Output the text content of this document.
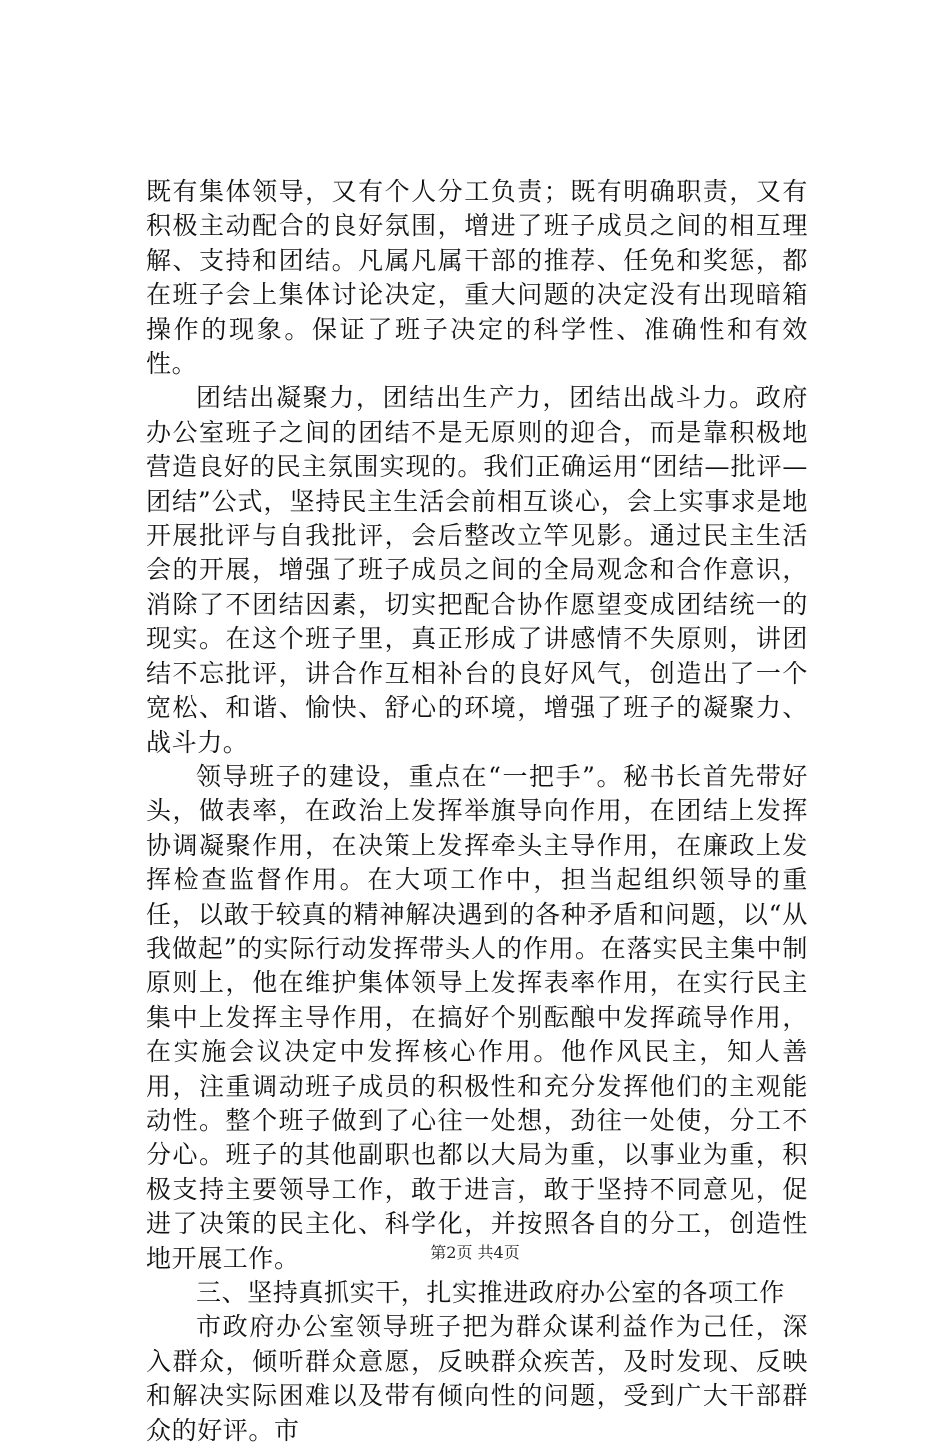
既有集体领导，又有个人分工负责；既有明确职责，又有积极主动配合的良好氛围，增进了班子成员之间的相互理解、支持和团结。凡属凡属干部的推荐、任免和奖惩，都在班子会上集体讨论决定，重大问题的决定没有出现暗箱操作的现象。保证了班子决定的科学性、准确性和有效性。

团结出凝聚力，团结出生产力，团结出战斗力。政府办公室班子之间的团结不是无原则的迎合，而是靠积极地营造良好的民主氛围实现的。我们正确运用“团结—批评—团结”公式，坚持民主生活会前相互谈心，会上实事求是地开展批评与自我批评，会后整改立竿见影。通过民主生活会的开展，增强了班子成员之间的全局观念和合作意识，消除了不团结因素，切实把配合协作愿望变成团结统一的现实。在这个班子里，真正形成了讲感情不失原则，讲团结不忘批评，讲合作互相补台的良好风气，创造出了一个宽松、和谐、愉快、舒心的环境，增强了班子的凝聚力、战斗力。

领导班子的建设，重点在“一把手”。秘书长首先带好头，做表率，在政治上发挥举旗导向作用，在团结上发挥协调凝聚作用，在决策上发挥牵头主导作用，在廉政上发挥检查监督作用。在大项工作中，担当起组织领导的重任，以敢于较真的精神解决遇到的各种矛盾和问题，以“从我做起”的实际行动发挥带头人的作用。在落实民主集中制原则上，他在维护集体领导上发挥表率作用，在实行民主集中上发挥主导作用，在搞好个别酝酿中发挥疏导作用，在实施会议决定中发挥核心作用。他作风民主，知人善用，注重调动班子成员的积极性和充分发挥他们的主观能动性。整个班子做到了心往一处想，劲往一处使，分工不分心。班子的其他副职也都以大局为重，以事业为重，积极支持主要领导工作，敢于进言，敢于坚持不同意见，促进了决策的民主化、科学化，并按照各自的分工，创造性地开展工作。

三、坚持真抓实干，扎实推进政府办公室的各项工作

市政府办公室领导班子把为群众谋利益作为己任，深入群众，倾听群众意愿，反映群众疾苦，及时发现、反映和解决实际困难以及带有倾向性的问题，受到广大干部群众的好评。市

第2页 共4页
